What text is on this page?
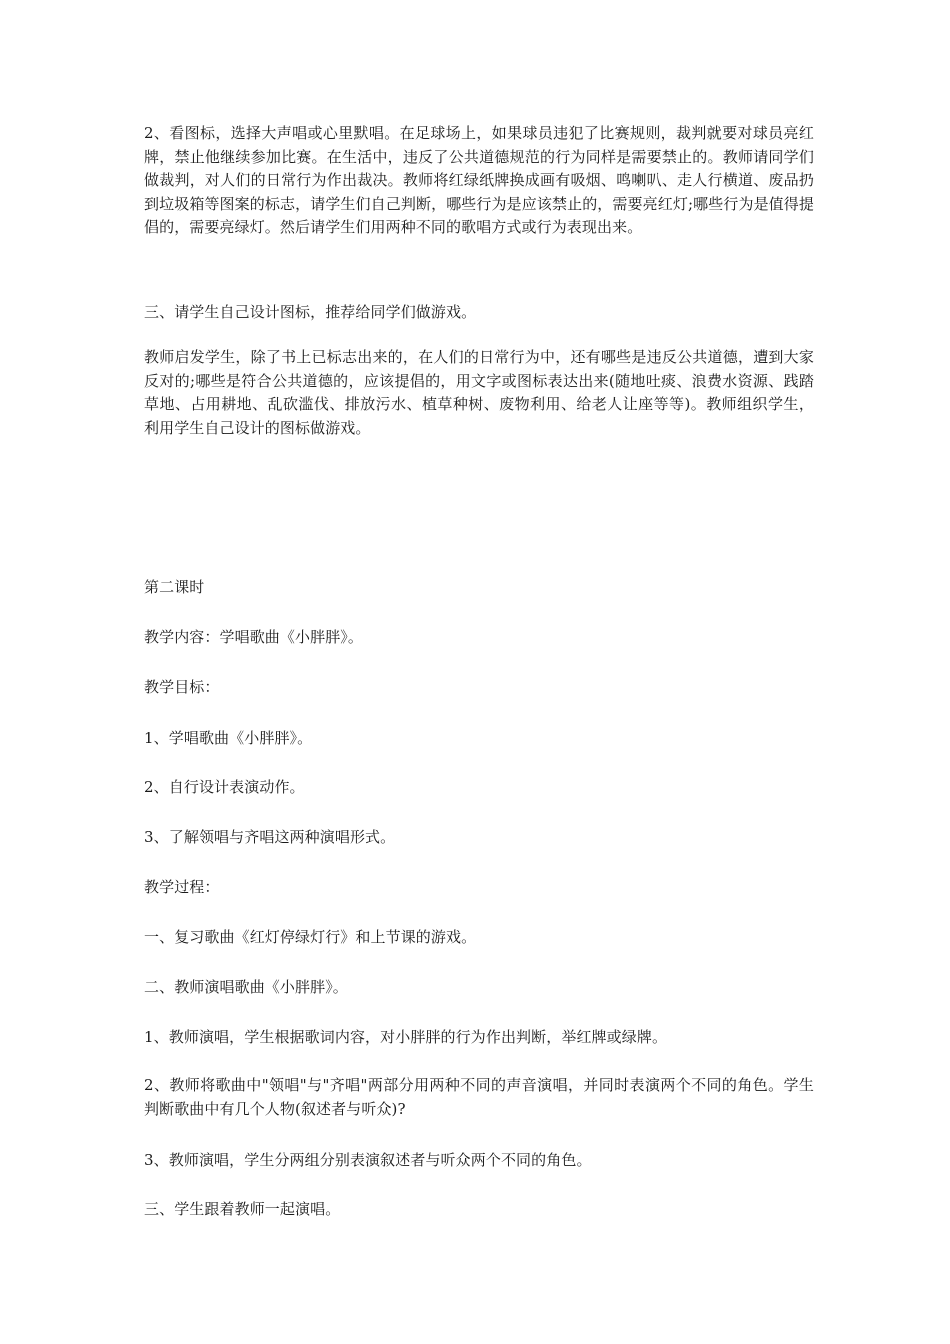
2、看图标，选择大声唱或心里默唱。在足球场上，如果球员违犯了比赛规则，裁判就要对球员亮红牌，禁止他继续参加比赛。在生活中，违反了公共道德规范的行为同样是需要禁止的。教师请同学们做裁判，对人们的日常行为作出裁决。教师将红绿纸牌换成画有吸烟、鸣喇叭、走人行横道、废品扔到垃圾箱等图案的标志，请学生们自己判断，哪些行为是应该禁止的，需要亮红灯;哪些行为是值得提倡的，需要亮绿灯。然后请学生们用两种不同的歌唱方式或行为表现出来。

三、请学生自己设计图标，推荐给同学们做游戏。

教师启发学生，除了书上已标志出来的，在人们的日常行为中，还有哪些是违反公共道德，遭到大家反对的;哪些是符合公共道德的，应该提倡的，用文字或图标表达出来(随地吐痰、浪费水资源、践踏草地、占用耕地、乱砍滥伐、排放污水、植草种树、废物利用、给老人让座等等)。教师组织学生，利用学生自己设计的图标做游戏。

第二课时

教学内容：学唱歌曲《小胖胖》。

教学目标：

1、学唱歌曲《小胖胖》。

2、自行设计表演动作。

3、了解领唱与齐唱这两种演唱形式。

教学过程：

一、复习歌曲《红灯停绿灯行》和上节课的游戏。

二、教师演唱歌曲《小胖胖》。

1、教师演唱，学生根据歌词内容，对小胖胖的行为作出判断，举红牌或绿牌。

2、教师将歌曲中"领唱"与"齐唱"两部分用两种不同的声音演唱，并同时表演两个不同的角色。学生判断歌曲中有几个人物(叙述者与听众)?

3、教师演唱，学生分两组分别表演叙述者与听众两个不同的角色。

三、学生跟着教师一起演唱。
